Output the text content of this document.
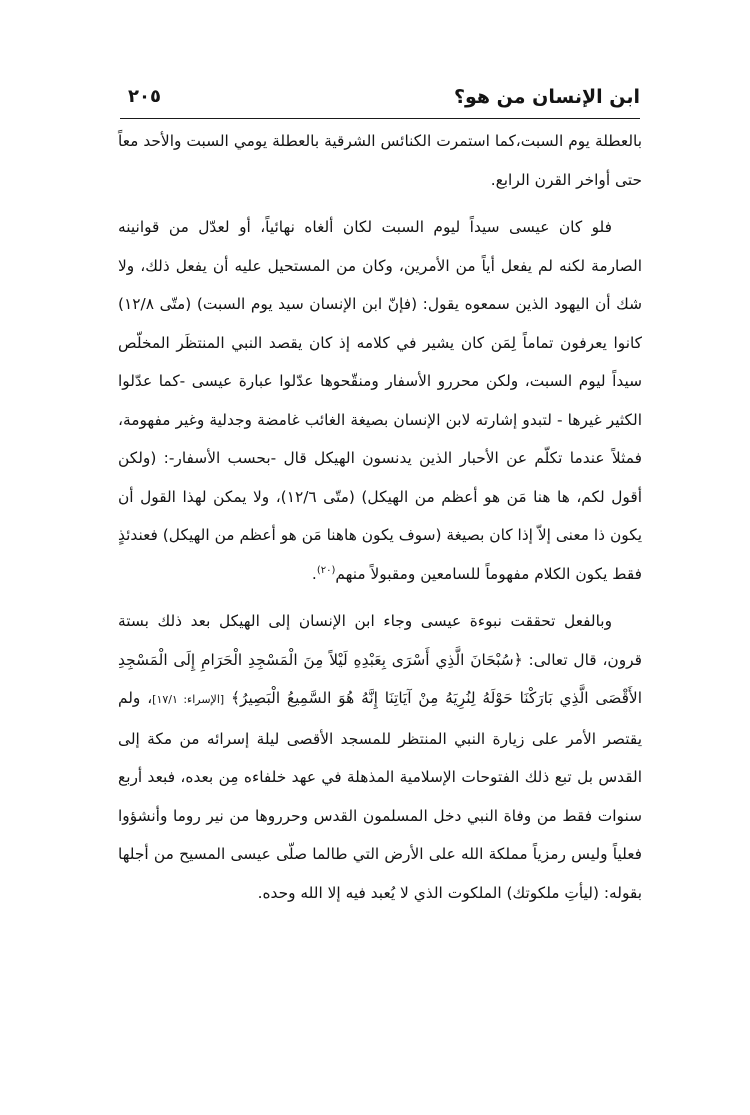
ابن الإنسان من هو؟
٢٠٥

بالعطلة يوم السبت،كما استمرت الكنائس الشرقية بالعطلة يومي السبت والأحد معاً حتى أواخر القرن الرابع.

فلو كان عيسى سيداً ليوم السبت لكان ألغاه نهائياً، أو لعدّل من قوانينه الصارمة لكنه لم يفعل أياً من الأمرين، وكان من المستحيل عليه أن يفعل ذلك، ولا شك أن اليهود الذين سمعوه يقول: (فإنّ ابن الإنسان سيد يوم السبت) (متّى ١٢/٨) كانوا يعرفون تماماً لِمَن كان يشير في كلامه إذ كان يقصد النبي المنتظَر المخلّص سيداً ليوم السبت، ولكن محررو الأسفار ومنقّحوها عدّلوا عبارة عيسى -كما عدّلوا الكثير غيرها - لتبدو إشارته لابن الإنسان بصيغة الغائب غامضة وجدلية وغير مفهومة، فمثلاً عندما تكلّم عن الأحبار الذين يدنسون الهيكل قال -بحسب الأسفار-: (ولكن أقول لكم، ها هنا مَن هو أعظم من الهيكل) (متّى ١٢/٦)، ولا يمكن لهذا القول أن يكون ذا معنى إلاّ إذا كان بصيغة (سوف يكون هاهنا مَن هو أعظم من الهيكل) فعندئذٍ فقط يكون الكلام مفهوماً للسامعين ومقبولاً منهم$^{(٢٠)}$.

وبالفعل تحققت نبوءة عيسى وجاء ابن الإنسان إلى الهيكل بعد ذلك بستة قرون، قال تعالى: ﴿سُبْحَانَ الَّذِي أَسْرَى بِعَبْدِهِ لَيْلاً مِنَ الْمَسْجِدِ الْحَرَامِ إِلَى الْمَسْجِدِ الأَقْصَى الَّذِي بَارَكْنَا حَوْلَهُ لِنُرِيَهُ مِنْ آيَاتِنَا إِنَّهُ هُوَ السَّمِيعُ الْبَصِيرُ﴾ [الإسراء: ١٧/١]، ولم يقتصر الأمر على زيارة النبي المنتظر للمسجد الأقصى ليلة إسرائه من مكة إلى القدس بل تبع ذلك الفتوحات الإسلامية المذهلة في عهد خلفاءه مِن بعده، فبعد أربع سنوات فقط من وفاة النبي دخل المسلمون القدس وحرروها من نير روما وأنشؤوا فعلياً وليس رمزياً مملكة الله على الأرض التي طالما صلّى عيسى المسيح من أجلها بقوله: (ليأتِ ملكوتك) الملكوت الذي لا يُعبد فيه إلا الله وحده.
